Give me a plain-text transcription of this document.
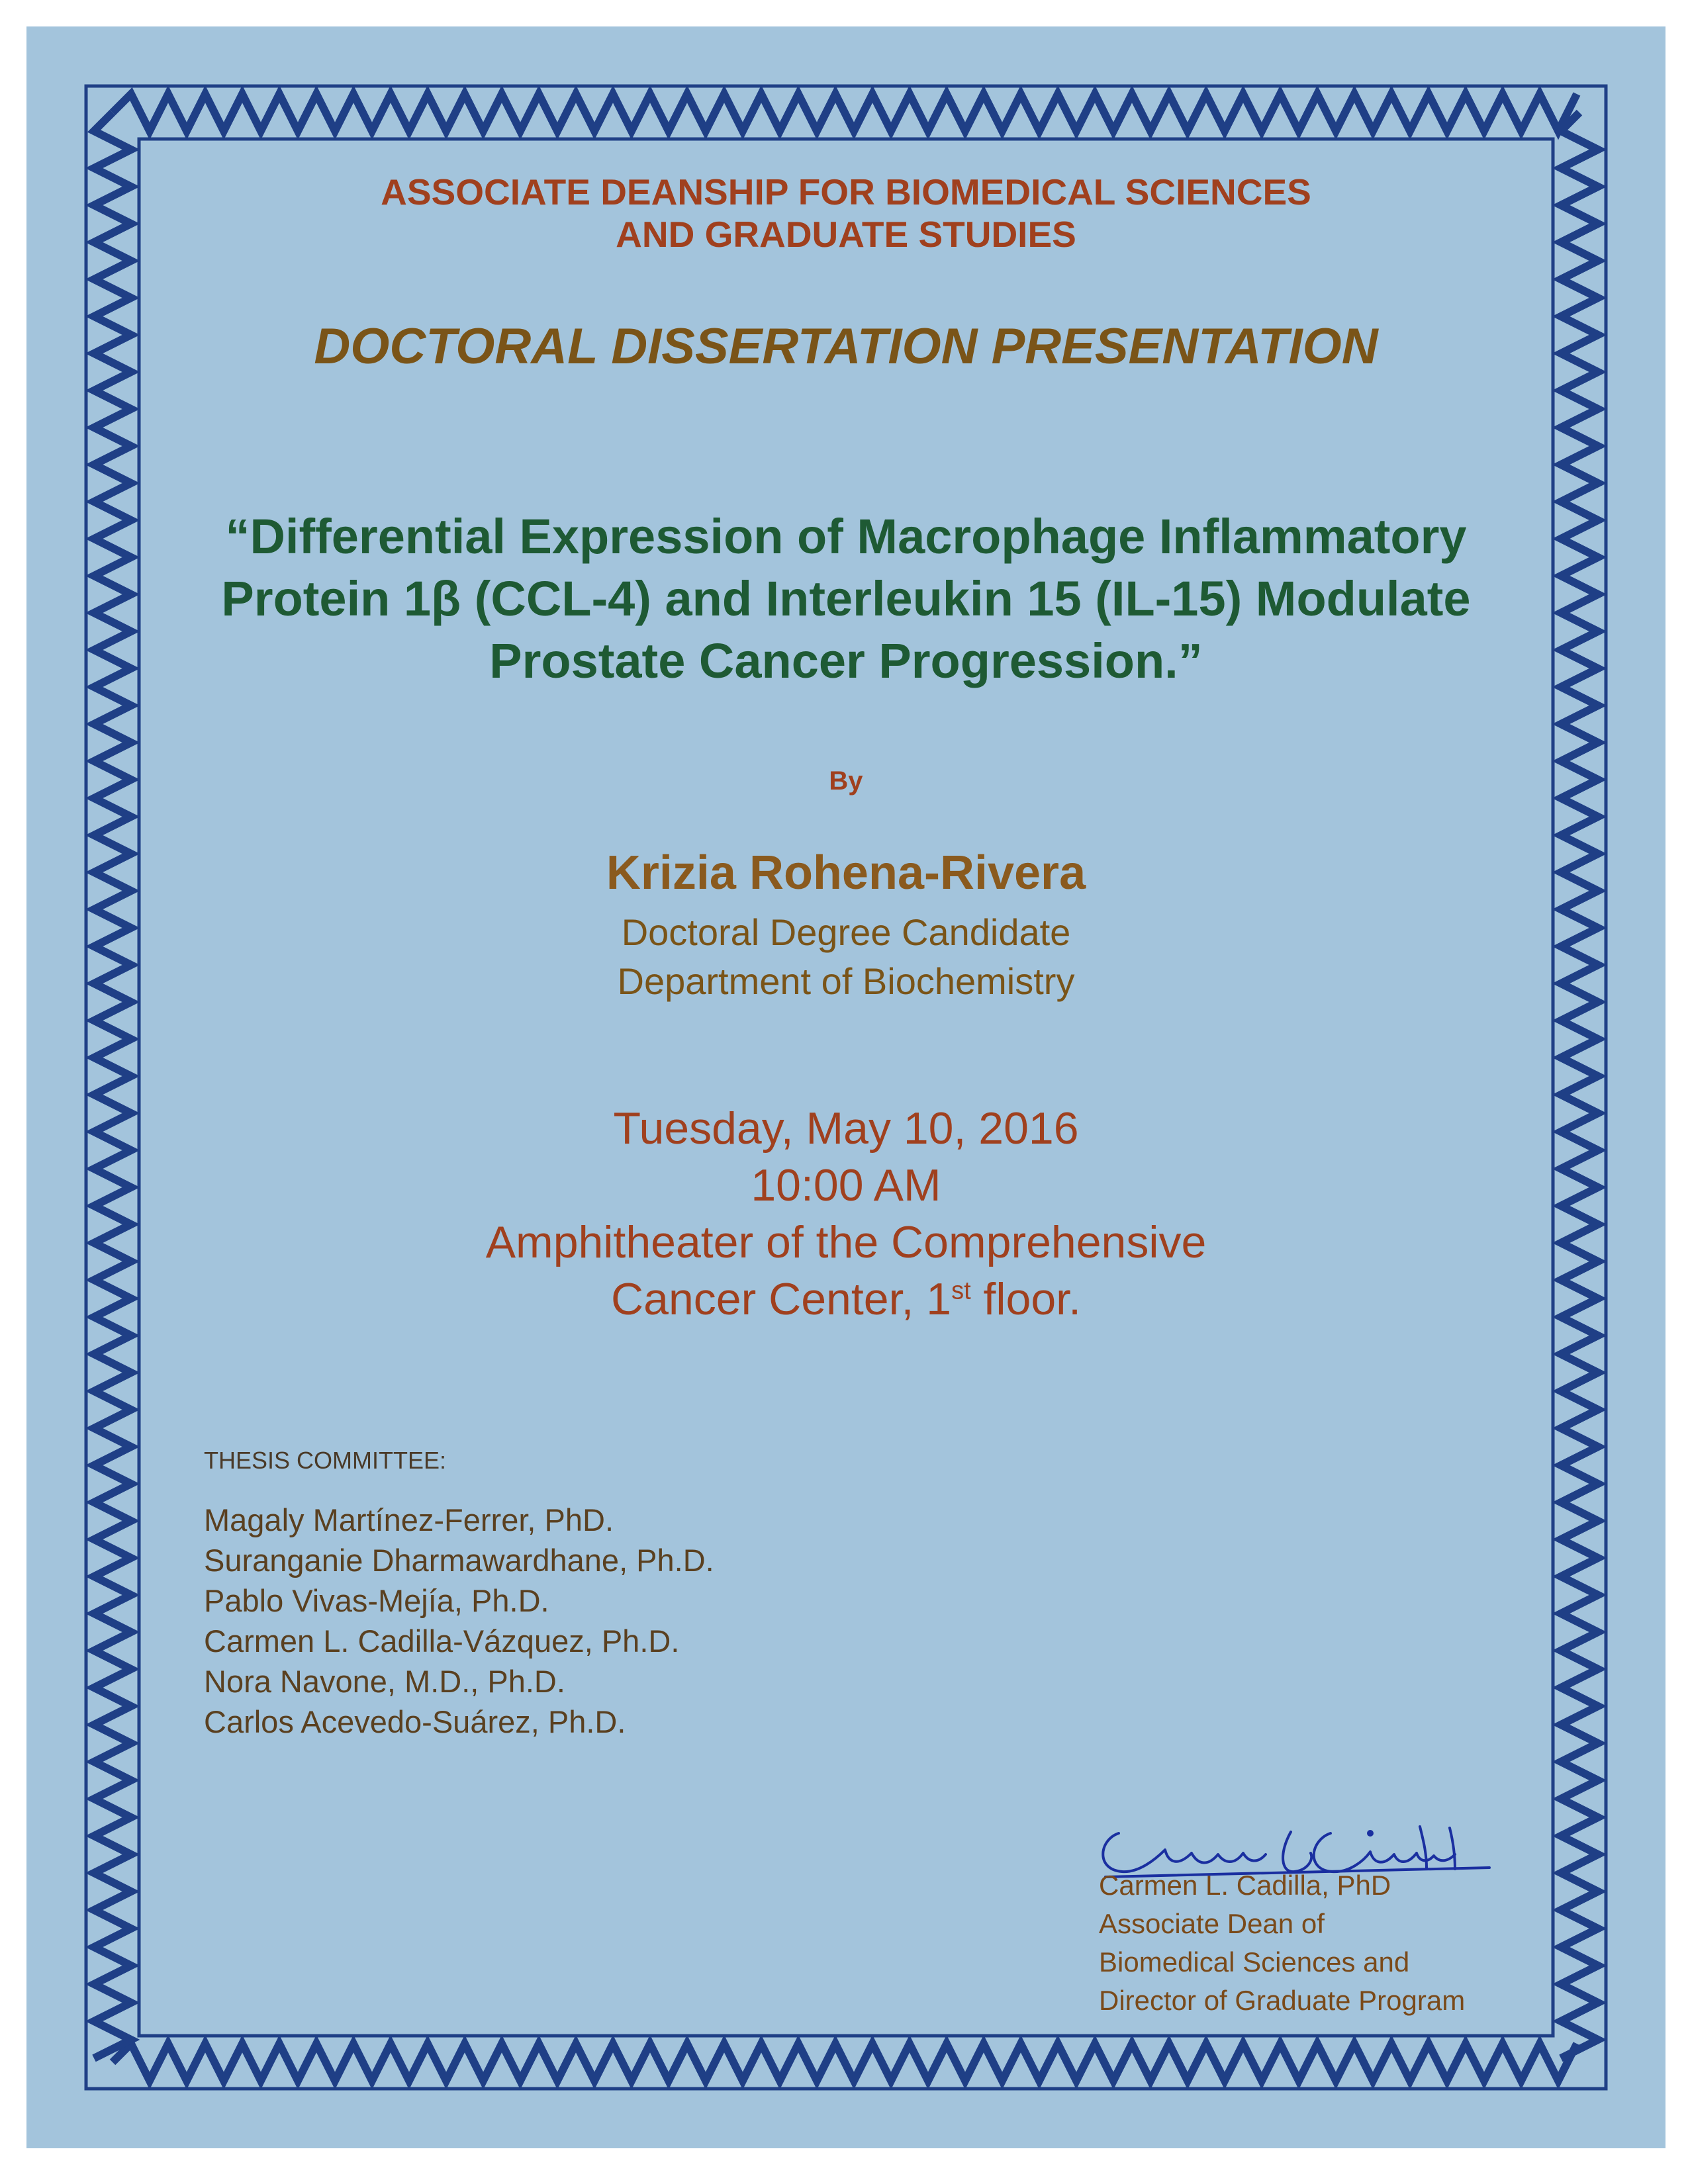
ASSOCIATE DEANSHIP FOR BIOMEDICAL SCIENCES

AND GRADUATE STUDIES

DOCTORAL DISSERTATION PRESENTATION

“Differential Expression of Macrophage Inflammatory

Protein 1β (CCL-4) and Interleukin 15 (IL-15) Modulate

Prostate Cancer Progression.”

By

Krizia Rohena-Rivera

Doctoral Degree Candidate

Department of Biochemistry

Tuesday, May 10, 2016

10:00 AM

Amphitheater of the Comprehensive

Cancer Center, 1st floor.

THESIS COMMITTEE:

Magaly Martínez-Ferrer, PhD.
Suranganie Dharmawardhane, Ph.D.
Pablo Vivas-Mejía, Ph.D.
Carmen L. Cadilla-Vázquez, Ph.D.
Nora Navone, M.D., Ph.D.
Carlos Acevedo-Suárez, Ph.D.
Carmen L. Cadilla, PhD
Associate Dean of
Biomedical Sciences and
Director of Graduate Program
